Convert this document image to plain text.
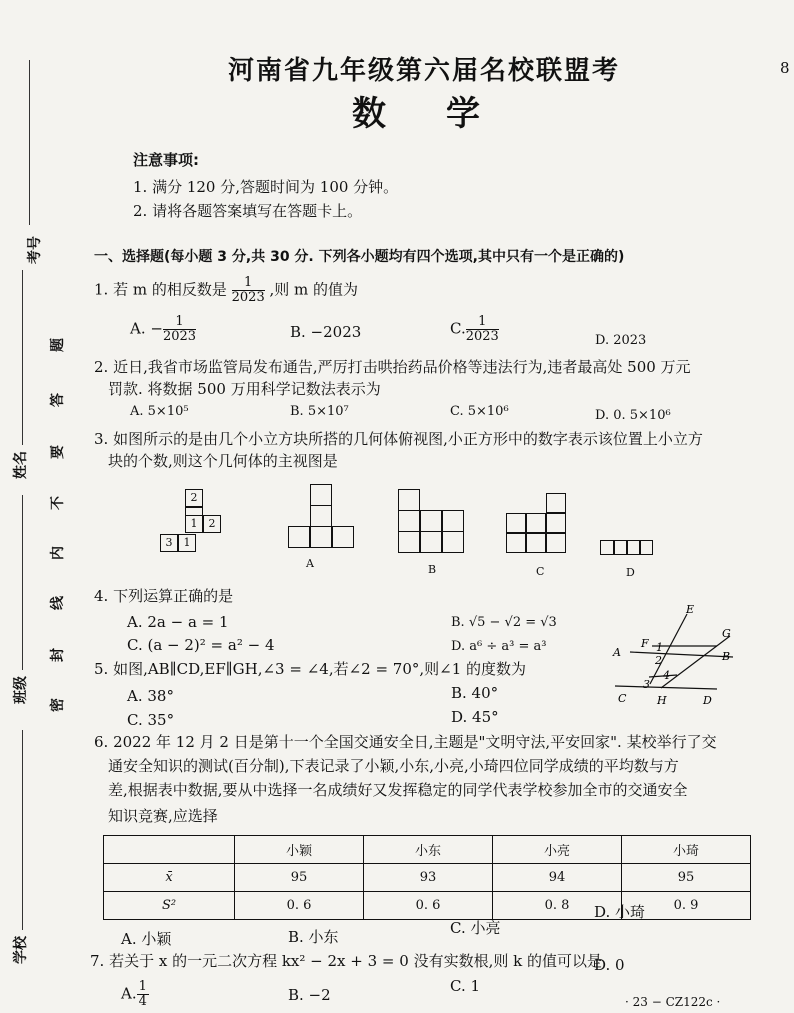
考号
姓名
班级
学校
题
答
要
不
内
线
封
密
河南省九年级第六届名校联盟考
数学
8
注意事项:
1. 满分 120 分,答题时间为 100 分钟。
2. 请将各题答案填写在答题卡上。
一、选择题(每小题 3 分,共 30 分. 下列各小题均有四个选项,其中只有一个是正确的)
1. 若 m 的相反数是 $\frac{1}{2023}$ ,则 m 的值为
A. − $\frac{1}{2023}$	B. −2023	C. $\frac{1}{2023}$	D. 2023
2. 近日,我省市场监管局发布通告,严厉打击哄抬药品价格等违法行为,违者最高处 500 万元
罚款. 将数据 500 万用科学记数法表示为
A. 5×10⁵	B. 5×10⁷	C. 5×10⁶	D. 0. 5×10⁶
3. 如图所示的是由几个小立方块所搭的几何体俯视图,小正方形中的数字表示该位置上小立方
块的个数,则这个几何体的主视图是
2
1	2
3	1
A	B	C	D
4. 下列运算正确的是
A. 2a − a = 1	B. √5 − √2 = √3
C. (a − 2)² = a² − 4	D. a⁶ ÷ a³ = a³
5. 如图,AB∥CD,EF∥GH,∠3 = ∠4,若∠2 = 70°,则∠1 的度数为
A. 38°	B. 40°
C. 35°	D. 45°
E
G
A
F 1
2	B
3
4
C	H	D
6. 2022 年 12 月 2 日是第十一个全国交通安全日,主题是"文明守法,平安回家". 某校举行了交
通安全知识的测试(百分制),下表记录了小颖,小东,小亮,小琦四位同学成绩的平均数与方
差,根据表中数据,要从中选择一名成绩好又发挥稳定的同学代表学校参加全市的交通安全
知识竞赛,应选择
	小颖	小东	小亮	小琦
x̄	95	93	94	95
S²	0. 6	0. 6	0. 8	0. 9
A. 小颖	B. 小东	C. 小亮
D. 小琦
7. 若关于 x 的一元二次方程 kx² − 2x + 3 = 0 没有实数根,则 k 的值可以是
A. $\frac{1}{4}$	B. −2	C. 1
D. 0
· 23 − CZ122c ·
